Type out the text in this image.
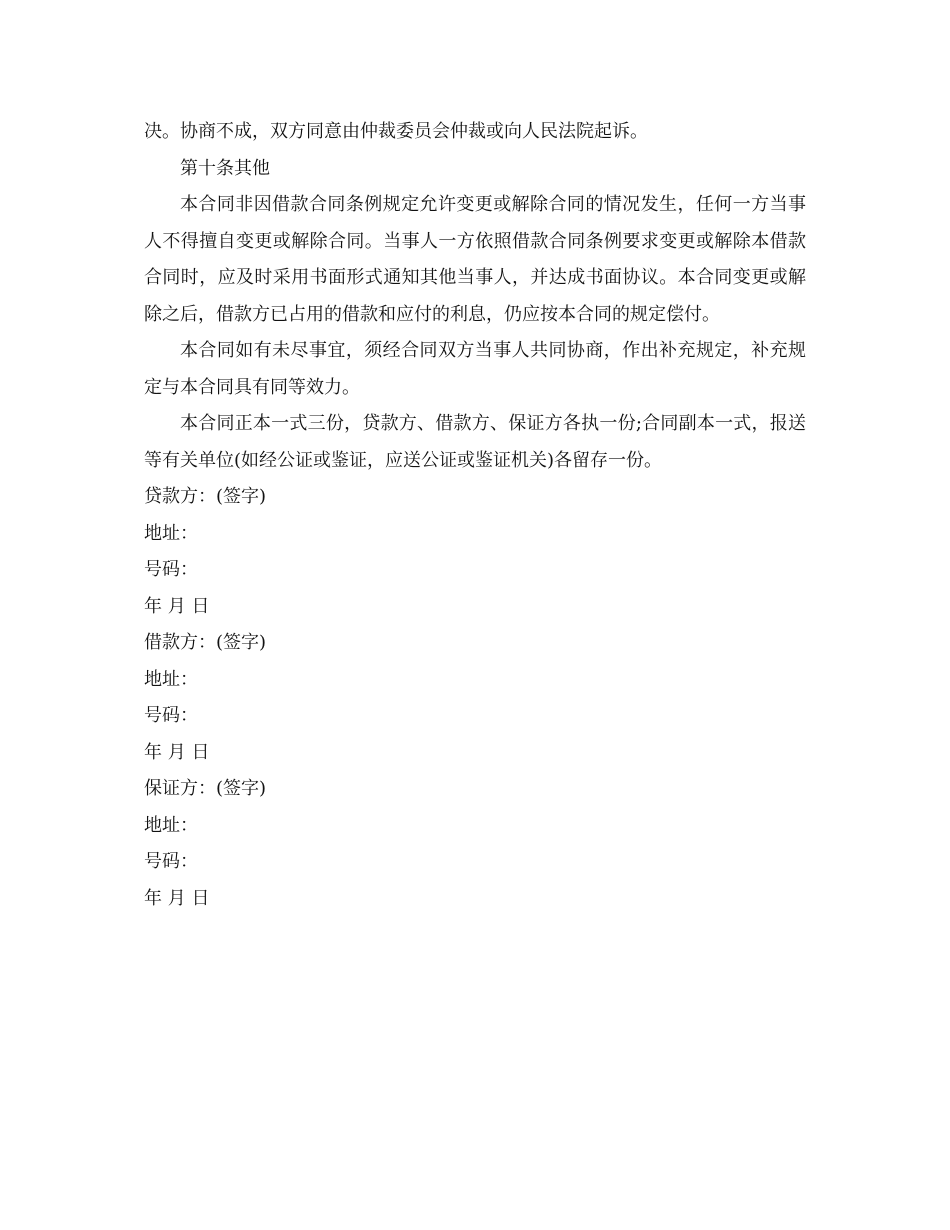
决。协商不成，双方同意由仲裁委员会仲裁或向人民法院起诉。

第十条其他

本合同非因借款合同条例规定允许变更或解除合同的情况发生，任何一方当事人不得擅自变更或解除合同。当事人一方依照借款合同条例要求变更或解除本借款合同时，应及时采用书面形式通知其他当事人，并达成书面协议。本合同变更或解除之后，借款方已占用的借款和应付的利息，仍应按本合同的规定偿付。

本合同如有未尽事宜，须经合同双方当事人共同协商，作出补充规定，补充规定与本合同具有同等效力。

本合同正本一式三份，贷款方、借款方、保证方各执一份;合同副本一式，报送等有关单位(如经公证或鉴证，应送公证或鉴证机关)各留存一份。

贷款方：(签字)

地址：

号码：

年 月 日

借款方：(签字)

地址：

号码：

年 月 日

保证方：(签字)

地址：

号码：

年 月 日
